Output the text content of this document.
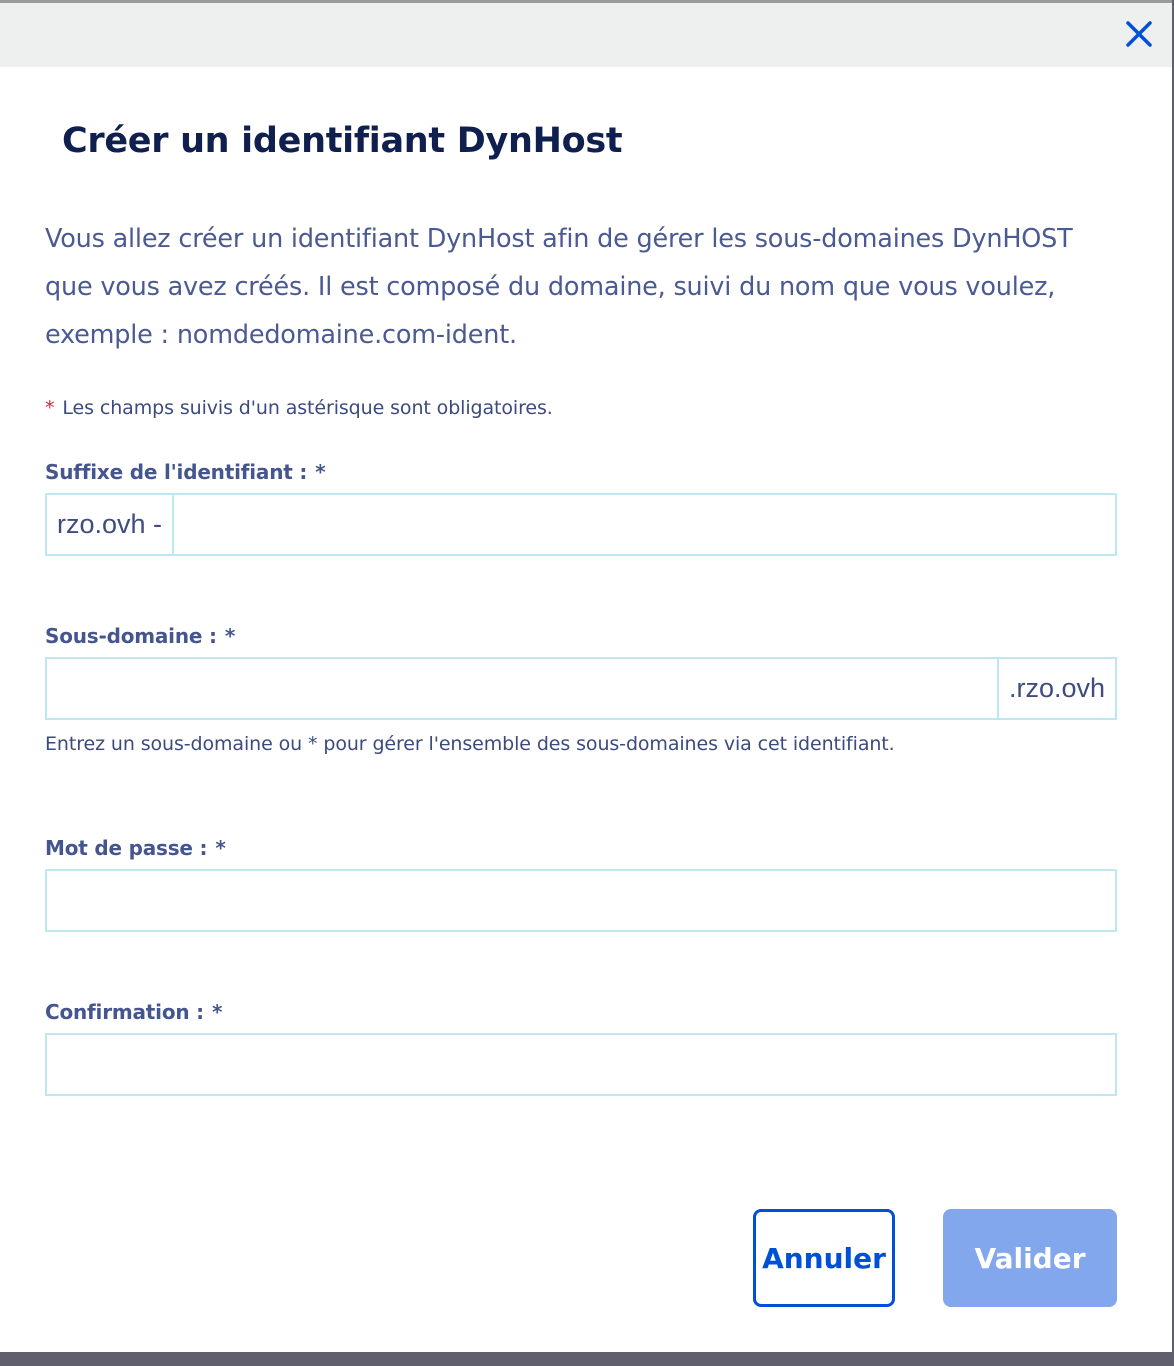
Créer un identifiant DynHost

Vous allez créer un identifiant DynHost afin de gérer les sous-domaines DynHOST que vous avez créés. Il est composé du domaine, suivi du nom que vous voulez, exemple : nomdedomaine.com-ident.

* Les champs suivis d'un astérisque sont obligatoires.
Suffixe de l'identifiant : *
rzo.ovh -
Sous-domaine : *
.rzo.ovh
Entrez un sous-domaine ou * pour gérer l'ensemble des sous-domaines via cet identifiant.
Mot de passe : *
Confirmation : *
Annuler	Valider
